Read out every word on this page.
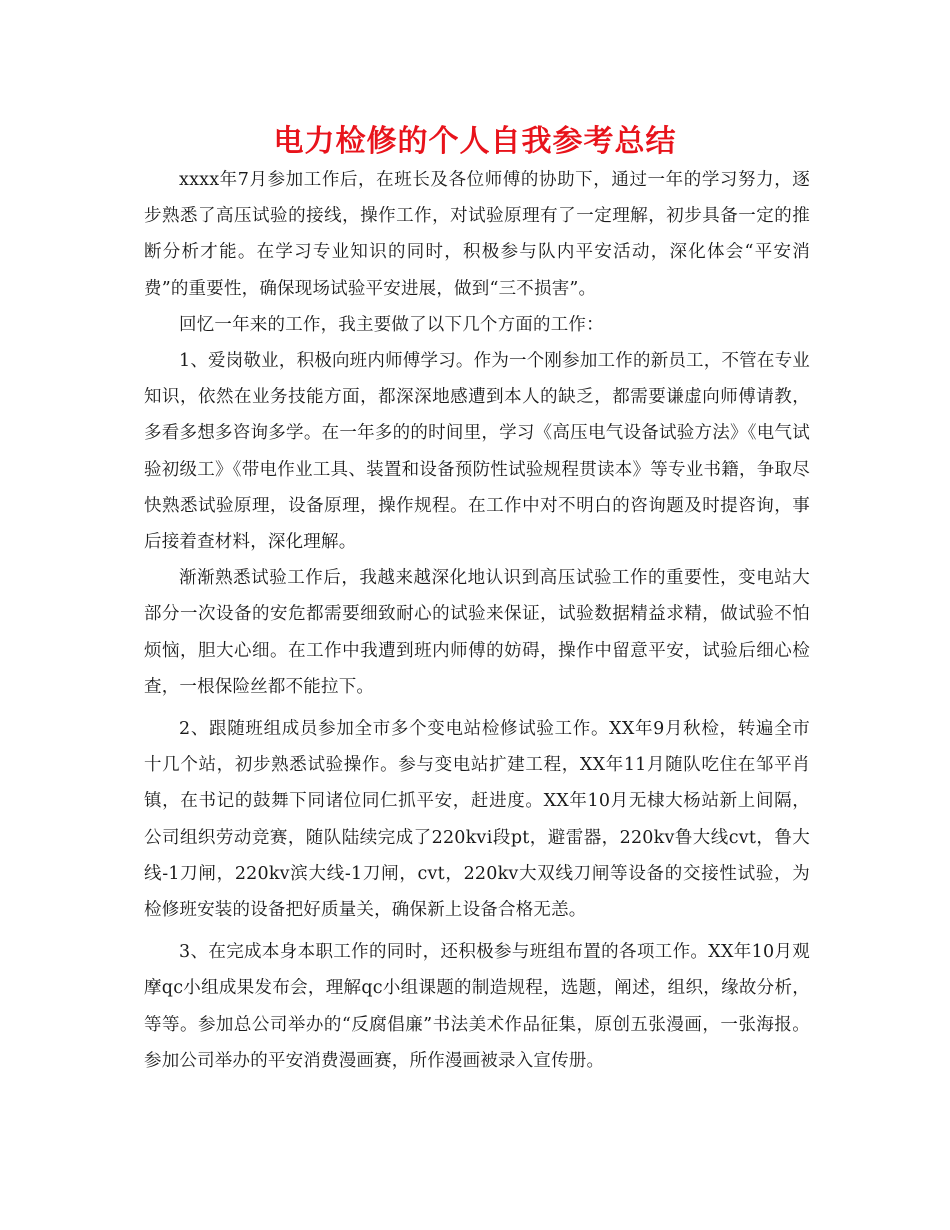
电力检修的个人自我参考总结

xxxx年7月参加工作后，在班长及各位师傅的协助下，通过一年的学习努力，逐步熟悉了高压试验的接线，操作工作，对试验原理有了一定理解，初步具备一定的推断分析才能。在学习专业知识的同时，积极参与队内平安活动，深化体会“平安消费”的重要性，确保现场试验平安进展，做到“三不损害”。

回忆一年来的工作，我主要做了以下几个方面的工作：

1、爱岗敬业，积极向班内师傅学习。作为一个刚参加工作的新员工，不管在专业知识，依然在业务技能方面，都深深地感遭到本人的缺乏，都需要谦虚向师傅请教，多看多想多咨询多学。在一年多的的时间里，学习《高压电气设备试验方法》《电气试验初级工》《带电作业工具、装置和设备预防性试验规程贯读本》等专业书籍，争取尽快熟悉试验原理，设备原理，操作规程。在工作中对不明白的咨询题及时提咨询，事后接着查材料，深化理解。

渐渐熟悉试验工作后，我越来越深化地认识到高压试验工作的重要性，变电站大部分一次设备的安危都需要细致耐心的试验来保证，试验数据精益求精，做试验不怕烦恼，胆大心细。在工作中我遭到班内师傅的妨碍，操作中留意平安，试验后细心检查，一根保险丝都不能拉下。

2、跟随班组成员参加全市多个变电站检修试验工作。XX年9月秋检，转遍全市十几个站，初步熟悉试验操作。参与变电站扩建工程，XX年11月随队吃住在邹平肖镇，在书记的鼓舞下同诸位同仁抓平安，赶进度。XX年10月无棣大杨站新上间隔，公司组织劳动竞赛，随队陆续完成了220kvⅰ段pt，避雷器，220kv鲁大线cvt，鲁大线-1刀闸，220kv滨大线-1刀闸，cvt，220kv大双线刀闸等设备的交接性试验，为检修班安装的设备把好质量关，确保新上设备合格无恙。

3、在完成本身本职工作的同时，还积极参与班组布置的各项工作。XX年10月观摩qc小组成果发布会，理解qc小组课题的制造规程，选题，阐述，组织，缘故分析，等等。参加总公司举办的“反腐倡廉”书法美术作品征集，原创五张漫画，一张海报。参加公司举办的平安消费漫画赛，所作漫画被录入宣传册。
